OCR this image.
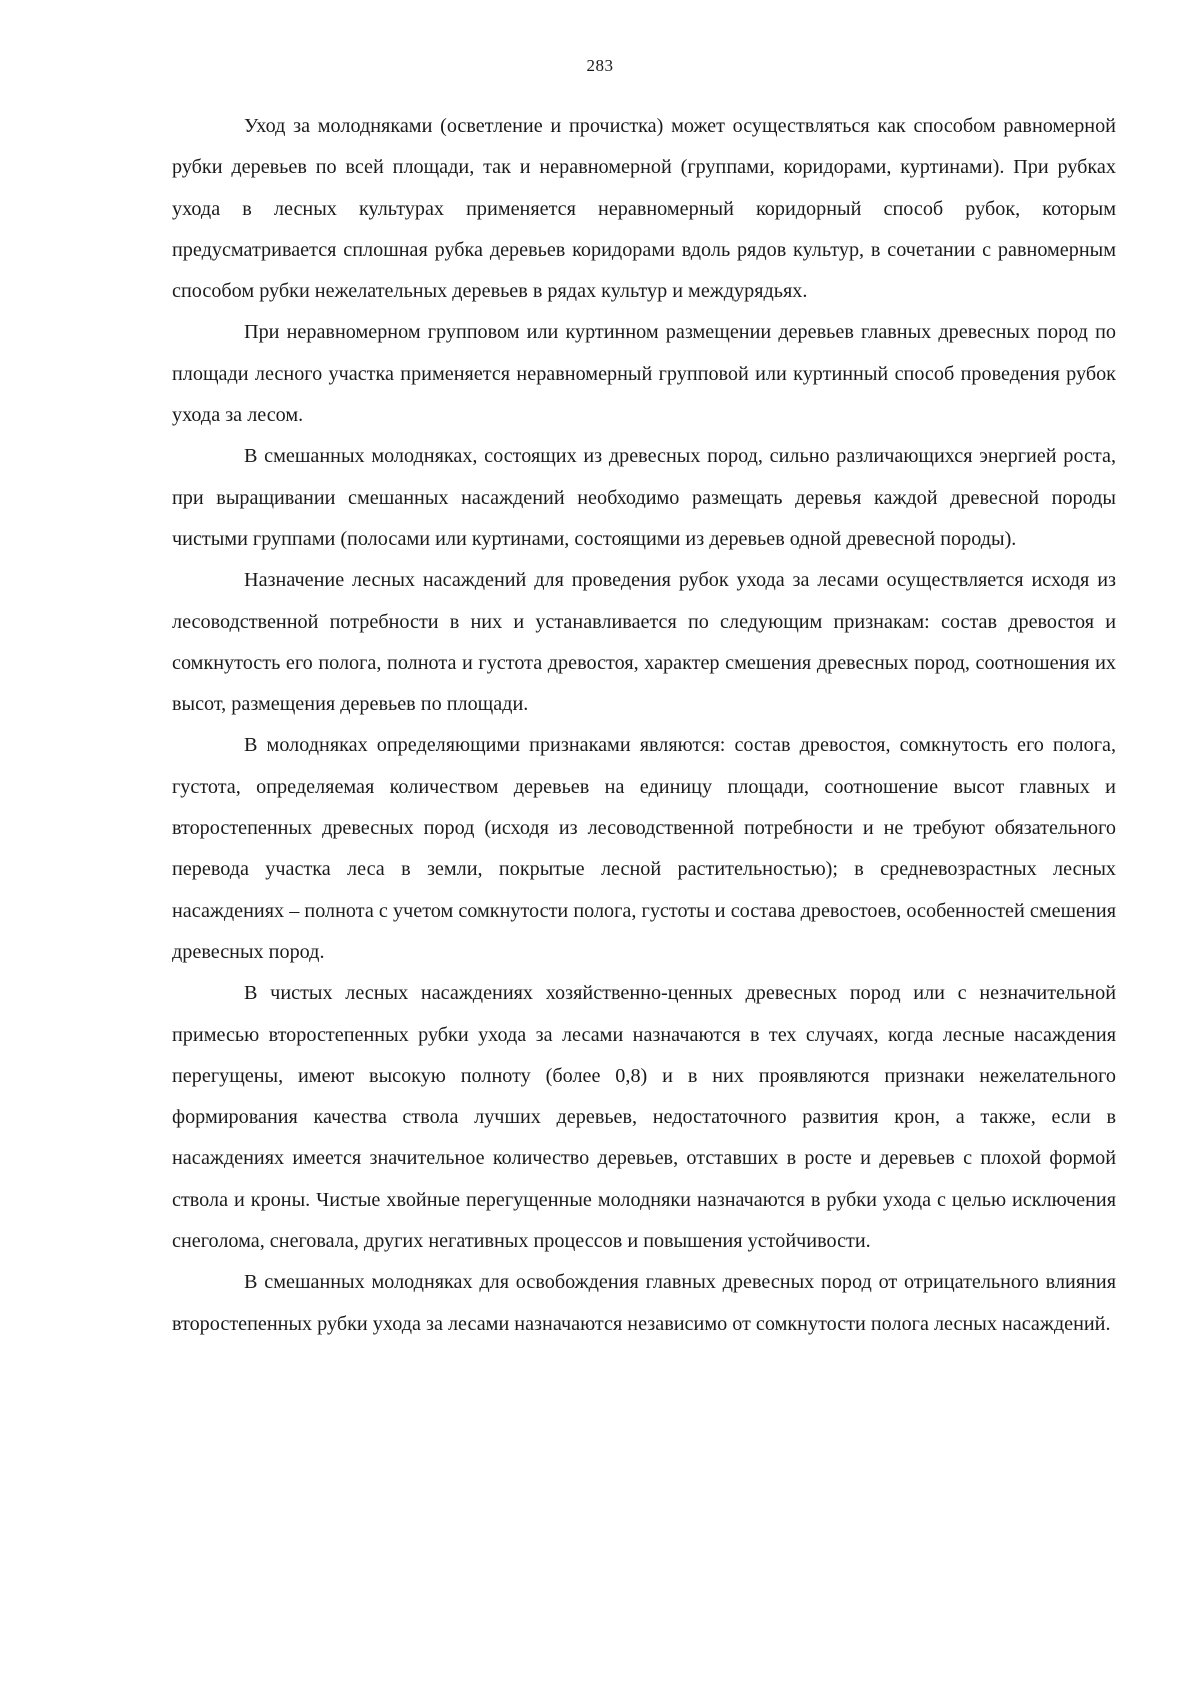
283

Уход за молодняками (осветление и прочистка) может осуществляться как способом равномерной рубки деревьев по всей площади, так и неравномерной (группами, коридорами, куртинами). При рубках ухода в лесных культурах применяется неравномерный коридорный способ рубок, которым предусматривается сплошная рубка деревьев коридорами вдоль рядов культур, в сочетании с равномерным способом рубки нежелательных деревьев в рядах культур и междурядьях.

При неравномерном групповом или куртинном размещении деревьев главных древесных пород по площади лесного участка применяется неравномерный групповой или куртинный способ проведения рубок ухода за лесом.

В смешанных молодняках, состоящих из древесных пород, сильно различающихся энергией роста, при выращивании смешанных насаждений необходимо размещать деревья каждой древесной породы чистыми группами (полосами или куртинами, состоящими из деревьев одной древесной породы).

Назначение лесных насаждений для проведения рубок ухода за лесами осуществляется исходя из лесоводственной потребности в них и устанавливается по следующим признакам: состав древостоя и сомкнутость его полога, полнота и густота древостоя, характер смешения древесных пород, соотношения их высот, размещения деревьев по площади.

В молодняках определяющими признаками являются: состав древостоя, сомкнутость его полога, густота, определяемая количеством деревьев на единицу площади, соотношение высот главных и второстепенных древесных пород (исходя из лесоводственной потребности и не требуют обязательного перевода участка леса в земли, покрытые лесной растительностью); в средневозрастных лесных насаждениях – полнота с учетом сомкнутости полога, густоты и состава древостоев, особенностей смешения древесных пород.

В чистых лесных насаждениях хозяйственно-ценных древесных пород или с незначительной примесью второстепенных рубки ухода за лесами назначаются в тех случаях, когда лесные насаждения перегущены, имеют высокую полноту (более 0,8) и в них проявляются признаки нежелательного формирования качества ствола лучших деревьев, недостаточного развития крон, а также, если в насаждениях имеется значительное количество деревьев, отставших в росте и деревьев с плохой формой ствола и кроны. Чистые хвойные перегущенные молодняки назначаются в рубки ухода с целью исключения снеголома, снеговала, других негативных процессов и повышения устойчивости.

В смешанных молодняках для освобождения главных древесных пород от отрицательного влияния второстепенных рубки ухода за лесами назначаются независимо от сомкнутости полога лесных насаждений.
